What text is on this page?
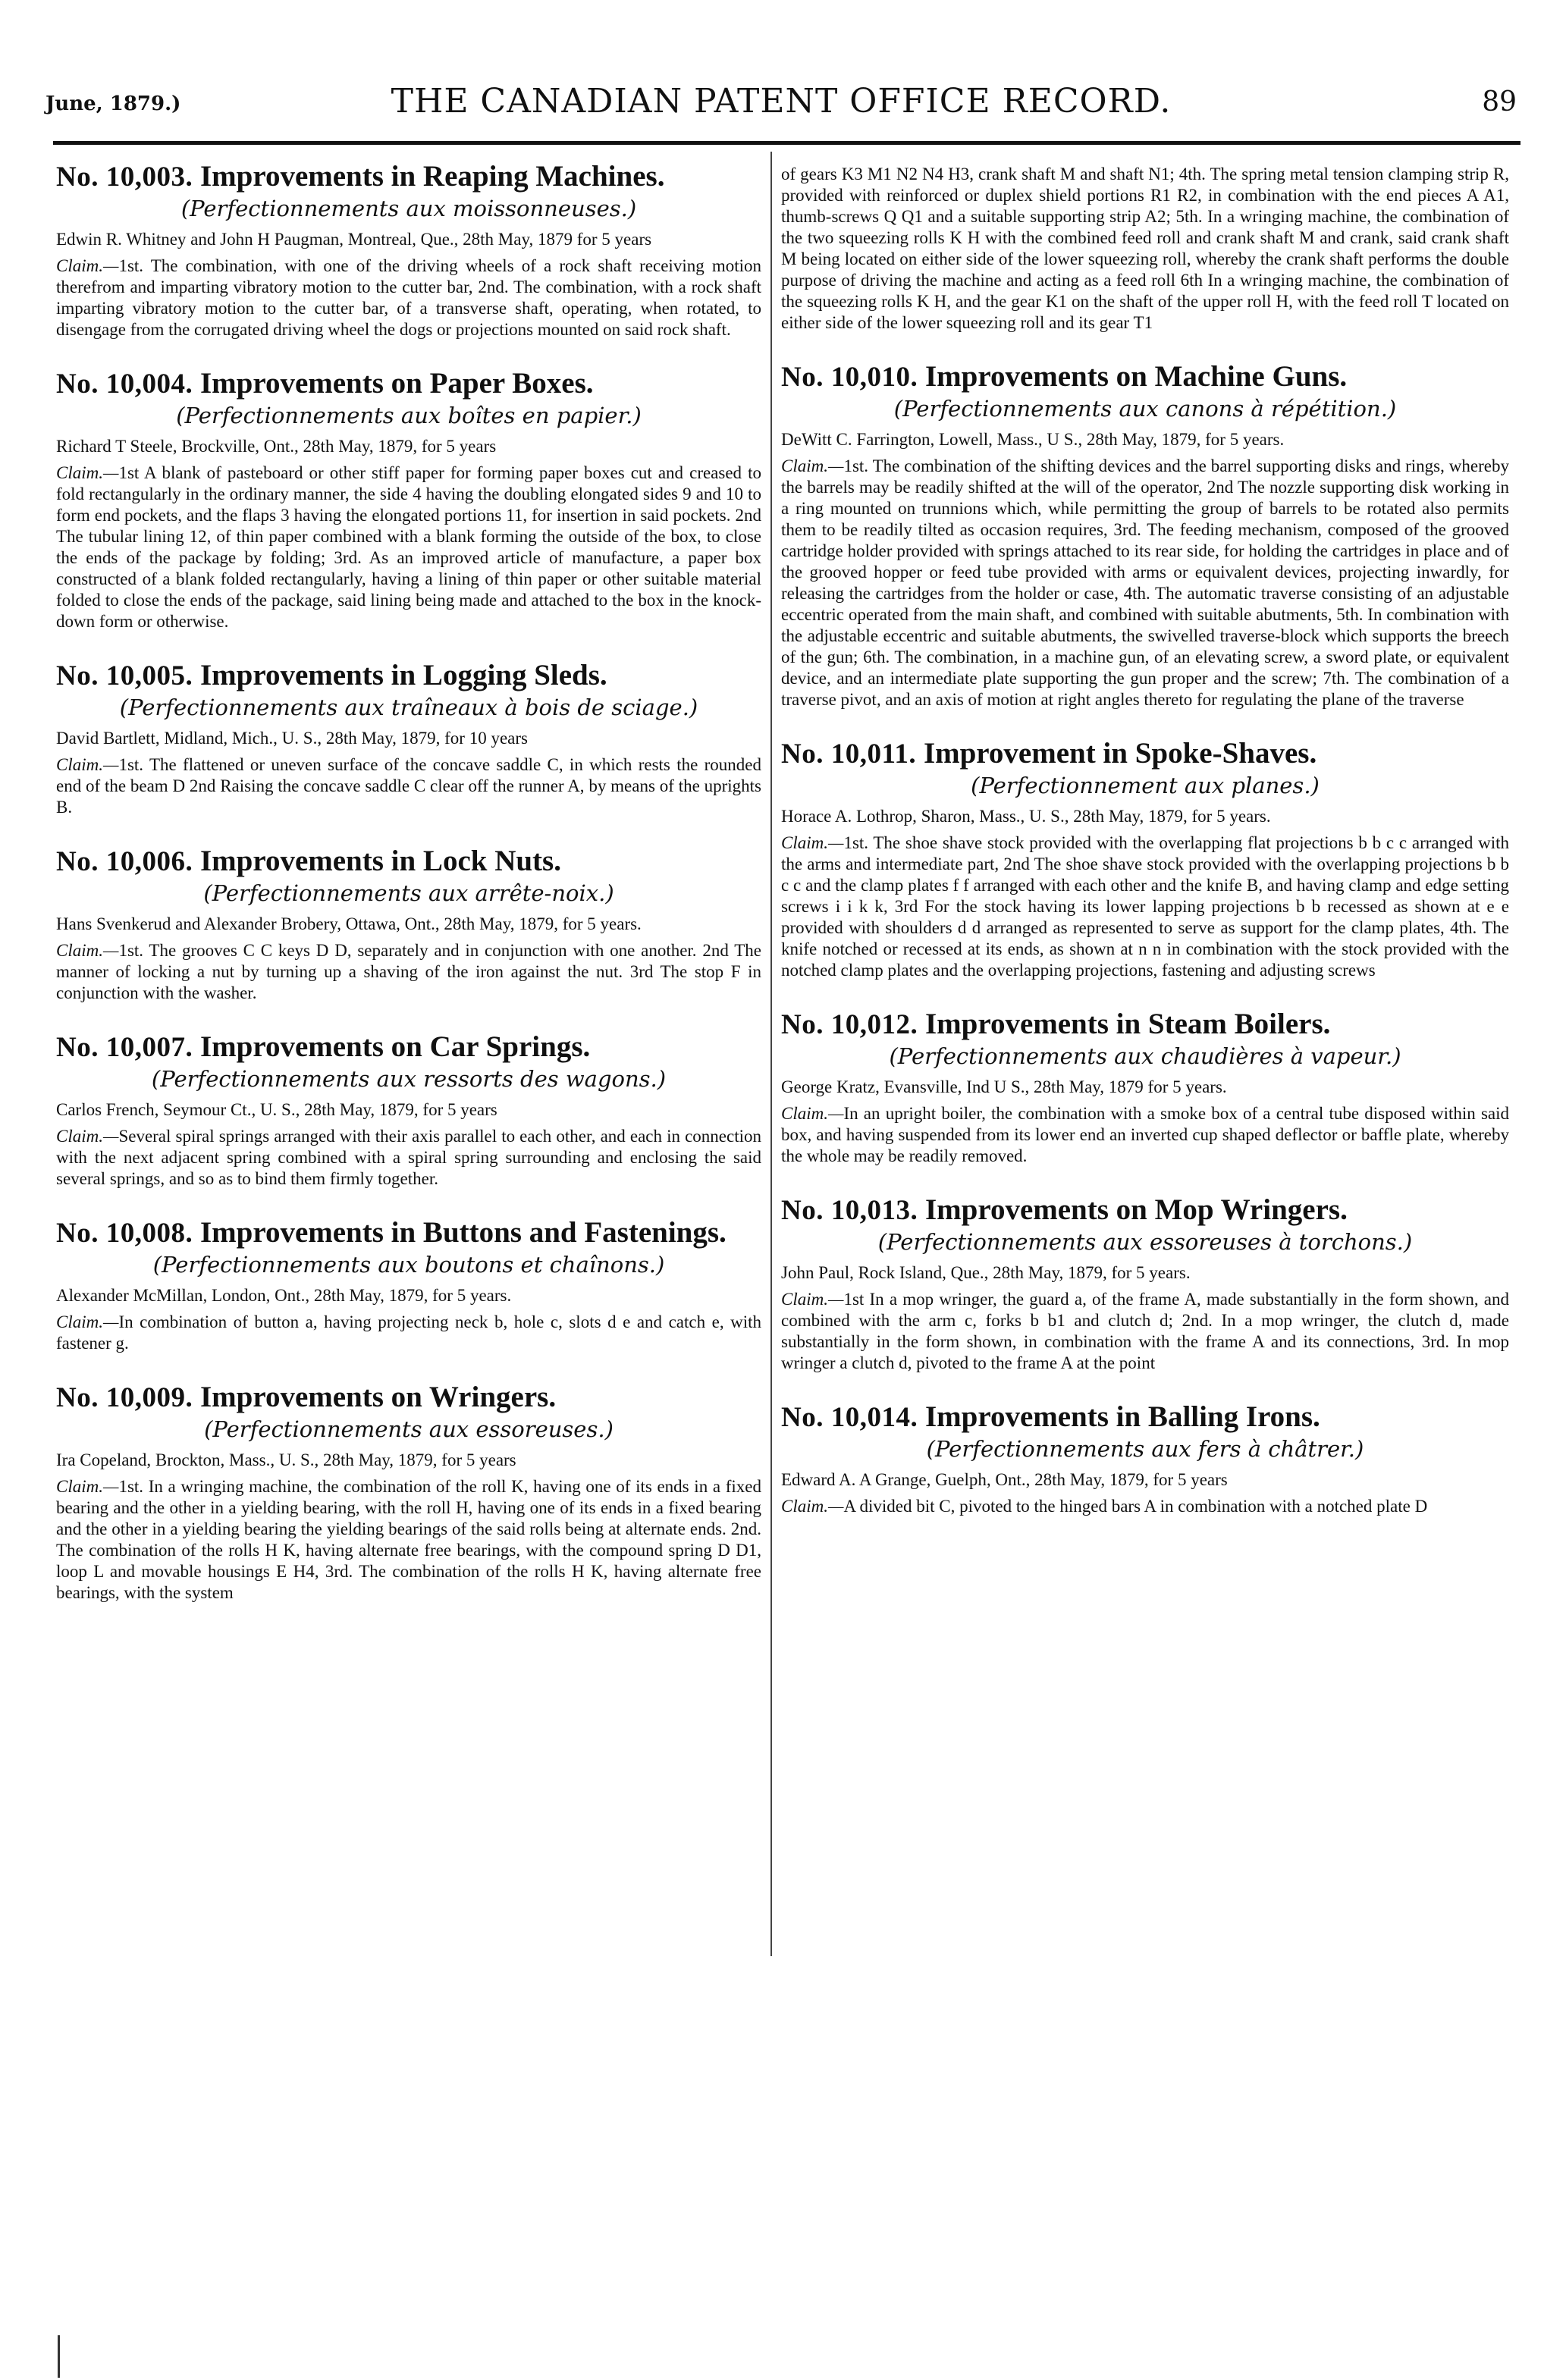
June, 1879.)	THE CANADIAN PATENT OFFICE RECORD.	89
No. 10,003. Improvements in Reaping Machines.
(Perfectionnements aux moissonneuses.)
Edwin R. Whitney and John H Paugman, Montreal, Que., 28th May, 1879 for 5 years
Claim.—1st. The combination, with one of the driving wheels of a rock shaft receiving motion therefrom and imparting vibratory motion to the cutter bar, 2nd. The combination, with a rock shaft imparting vibratory motion to the cutter bar, of a transverse shaft, operating, when rotated, to disengage from the corrugated driving wheel the dogs or projections mounted on said rock shaft.
No. 10,004. Improvements on Paper Boxes.
(Perfectionnements aux boîtes en papier.)
Richard T Steele, Brockville, Ont., 28th May, 1879, for 5 years
Claim.—1st A blank of pasteboard or other stiff paper for forming paper boxes cut and creased to fold rectangularly in the ordinary manner, the side 4 having the doubling elongated sides 9 and 10 to form end pockets, and the flaps 3 having the elongated portions 11, for insertion in said pockets. 2nd The tubular lining 12, of thin paper combined with a blank forming the outside of the box, to close the ends of the package by folding; 3rd. As an improved article of manufacture, a paper box constructed of a blank folded rectangularly, having a lining of thin paper or other suitable material folded to close the ends of the package, said lining being made and attached to the box in the knock-down form or otherwise.
No. 10,005. Improvements in Logging Sleds.
(Perfectionnements aux traîneaux à bois de sciage.)
David Bartlett, Midland, Mich., U. S., 28th May, 1879, for 10 years
Claim.—1st. The flattened or uneven surface of the concave saddle C, in which rests the rounded end of the beam D 2nd Raising the concave saddle C clear off the runner A, by means of the uprights B.
No. 10,006. Improvements in Lock Nuts.
(Perfectionnements aux arrête-noix.)
Hans Svenkerud and Alexander Brobery, Ottawa, Ont., 28th May, 1879, for 5 years.
Claim.—1st. The grooves C C keys D D, separately and in conjunction with one another. 2nd The manner of locking a nut by turning up a shaving of the iron against the nut. 3rd The stop F in conjunction with the washer.
No. 10,007. Improvements on Car Springs.
(Perfectionnements aux ressorts des wagons.)
Carlos French, Seymour Ct., U. S., 28th May, 1879, for 5 years
Claim.—Several spiral springs arranged with their axis parallel to each other, and each in connection with the next adjacent spring combined with a spiral spring surrounding and enclosing the said several springs, and so as to bind them firmly together.
No. 10,008. Improvements in Buttons and Fastenings.
(Perfectionnements aux boutons et chaînons.)
Alexander McMillan, London, Ont., 28th May, 1879, for 5 years.
Claim.—In combination of button a, having projecting neck b, hole c, slots d e and catch e, with fastener g.
No. 10,009. Improvements on Wringers.
(Perfectionnements aux essoreuses.)
Ira Copeland, Brockton, Mass., U. S., 28th May, 1879, for 5 years
Claim.—1st. In a wringing machine, the combination of the roll K, having one of its ends in a fixed bearing and the other in a yielding bearing, with the roll H, having one of its ends in a fixed bearing and the other in a yielding bearing the yielding bearings of the said rolls being at alternate ends. 2nd. The combination of the rolls H K, having alternate free bearings, with the compound spring D D1, loop L and movable housings E H4, 3rd. The combination of the rolls H K, having alternate free bearings, with the system
of gears K3 M1 N2 N4 H3, crank shaft M and shaft N1; 4th. The spring metal tension clamping strip R, provided with reinforced or duplex shield portions R1 R2, in combination with the end pieces A A1, thumb-screws Q Q1 and a suitable supporting strip A2; 5th. In a wringing machine, the combination of the two squeezing rolls K H with the combined feed roll and crank shaft M and crank, said crank shaft M being located on either side of the lower squeezing roll, whereby the crank shaft performs the double purpose of driving the machine and acting as a feed roll 6th In a wringing machine, the combination of the squeezing rolls K H, and the gear K1 on the shaft of the upper roll H, with the feed roll T located on either side of the lower squeezing roll and its gear T1
No. 10,010. Improvements on Machine Guns.
(Perfectionnements aux canons à répétition.)
DeWitt C. Farrington, Lowell, Mass., U S., 28th May, 1879, for 5 years.
Claim.—1st. The combination of the shifting devices and the barrel supporting disks and rings, whereby the barrels may be readily shifted at the will of the operator, 2nd The nozzle supporting disk working in a ring mounted on trunnions which, while permitting the group of barrels to be rotated also permits them to be readily tilted as occasion requires, 3rd. The feeding mechanism, composed of the grooved cartridge holder provided with springs attached to its rear side, for holding the cartridges in place and of the grooved hopper or feed tube provided with arms or equivalent devices, projecting inwardly, for releasing the cartridges from the holder or case, 4th. The automatic traverse consisting of an adjustable eccentric operated from the main shaft, and combined with suitable abutments, 5th. In combination with the adjustable eccentric and suitable abutments, the swivelled traverse-block which supports the breech of the gun; 6th. The combination, in a machine gun, of an elevating screw, a sword plate, or equivalent device, and an intermediate plate supporting the gun proper and the screw; 7th. The combination of a traverse pivot, and an axis of motion at right angles thereto for regulating the plane of the traverse
No. 10,011. Improvement in Spoke-Shaves.
(Perfectionnement aux planes.)
Horace A. Lothrop, Sharon, Mass., U. S., 28th May, 1879, for 5 years.
Claim.—1st. The shoe shave stock provided with the overlapping flat projections b b c c arranged with the arms and intermediate part, 2nd The shoe shave stock provided with the overlapping projections b b c c and the clamp plates f f arranged with each other and the knife B, and having clamp and edge setting screws i i k k, 3rd For the stock having its lower lapping projections b b recessed as shown at e e provided with shoulders d d arranged as represented to serve as support for the clamp plates, 4th. The knife notched or recessed at its ends, as shown at n n in combination with the stock provided with the notched clamp plates and the overlapping projections, fastening and adjusting screws
No. 10,012. Improvements in Steam Boilers.
(Perfectionnements aux chaudières à vapeur.)
George Kratz, Evansville, Ind U S., 28th May, 1879 for 5 years.
Claim.—In an upright boiler, the combination with a smoke box of a central tube disposed within said box, and having suspended from its lower end an inverted cup shaped deflector or baffle plate, whereby the whole may be readily removed.
No. 10,013. Improvements on Mop Wringers.
(Perfectionnements aux essoreuses à torchons.)
John Paul, Rock Island, Que., 28th May, 1879, for 5 years.
Claim.—1st In a mop wringer, the guard a, of the frame A, made substantially in the form shown, and combined with the arm c, forks b b1 and clutch d; 2nd. In a mop wringer, the clutch d, made substantially in the form shown, in combination with the frame A and its connections, 3rd. In mop wringer a clutch d, pivoted to the frame A at the point
No. 10,014. Improvements in Balling Irons.
(Perfectionnements aux fers à châtrer.)
Edward A. A Grange, Guelph, Ont., 28th May, 1879, for 5 years
Claim.—A divided bit C, pivoted to the hinged bars A in combination with a notched plate D
